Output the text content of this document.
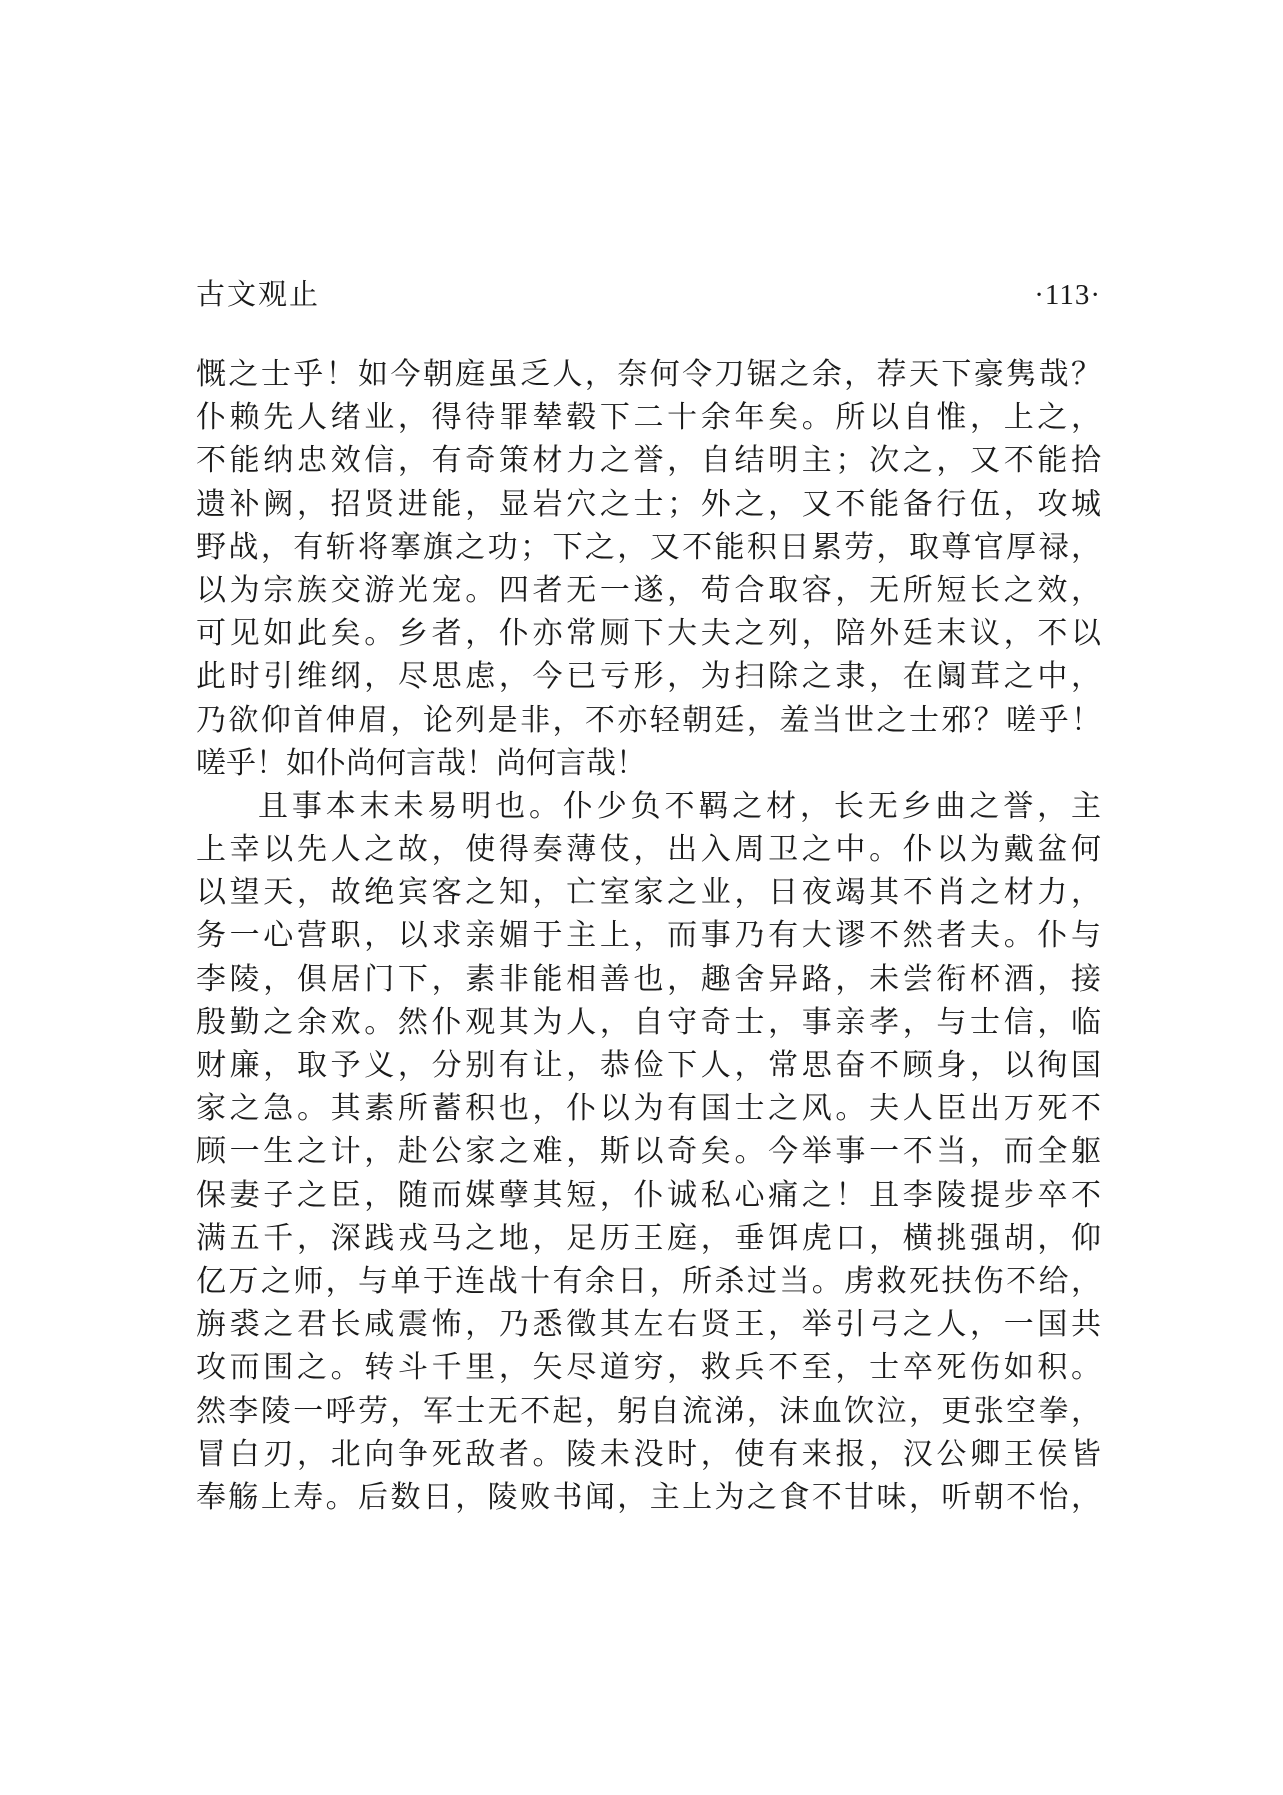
古文观止	·113·
慨之士乎！如今朝庭虽乏人，奈何令刀锯之余，荐天下豪隽哉？
仆赖先人绪业，得待罪辇毂下二十余年矣。所以自惟，上之，
不能纳忠效信，有奇策材力之誉，自结明主；次之，又不能拾
遗补阙，招贤进能，显岩穴之士；外之，又不能备行伍，攻城
野战，有斩将搴旗之功；下之，又不能积日累劳，取尊官厚禄，
以为宗族交游光宠。四者无一遂，苟合取容，无所短长之效，
可见如此矣。乡者，仆亦常厕下大夫之列，陪外廷末议，不以
此时引维纲，尽思虑，今已亏形，为扫除之隶，在阘茸之中，
乃欲仰首伸眉，论列是非，不亦轻朝廷，羞当世之士邪？嗟乎！
嗟乎！如仆尚何言哉！尚何言哉！
且事本末未易明也。仆少负不羁之材，长无乡曲之誉，主
上幸以先人之故，使得奏薄伎，出入周卫之中。仆以为戴盆何
以望天，故绝宾客之知，亡室家之业，日夜竭其不肖之材力，
务一心营职，以求亲媚于主上，而事乃有大谬不然者夫。仆与
李陵，俱居门下，素非能相善也，趣舍异路，未尝衔杯酒，接
殷勤之余欢。然仆观其为人，自守奇士，事亲孝，与士信，临
财廉，取予义，分别有让，恭俭下人，常思奋不顾身，以徇国
家之急。其素所蓄积也，仆以为有国士之风。夫人臣出万死不
顾一生之计，赴公家之难，斯以奇矣。今举事一不当，而全躯
保妻子之臣，随而媒孽其短，仆诚私心痛之！且李陵提步卒不
满五千，深践戎马之地，足历王庭，垂饵虎口，横挑强胡，仰
亿万之师，与单于连战十有余日，所杀过当。虏救死扶伤不给，
旃裘之君长咸震怖，乃悉徵其左右贤王，举引弓之人，一国共
攻而围之。转斗千里，矢尽道穷，救兵不至，士卒死伤如积。
然李陵一呼劳，军士无不起，躬自流涕，沫血饮泣，更张空拳，
冒白刃，北向争死敌者。陵未没时，使有来报，汉公卿王侯皆
奉觞上寿。后数日，陵败书闻，主上为之食不甘味，听朝不怡，
